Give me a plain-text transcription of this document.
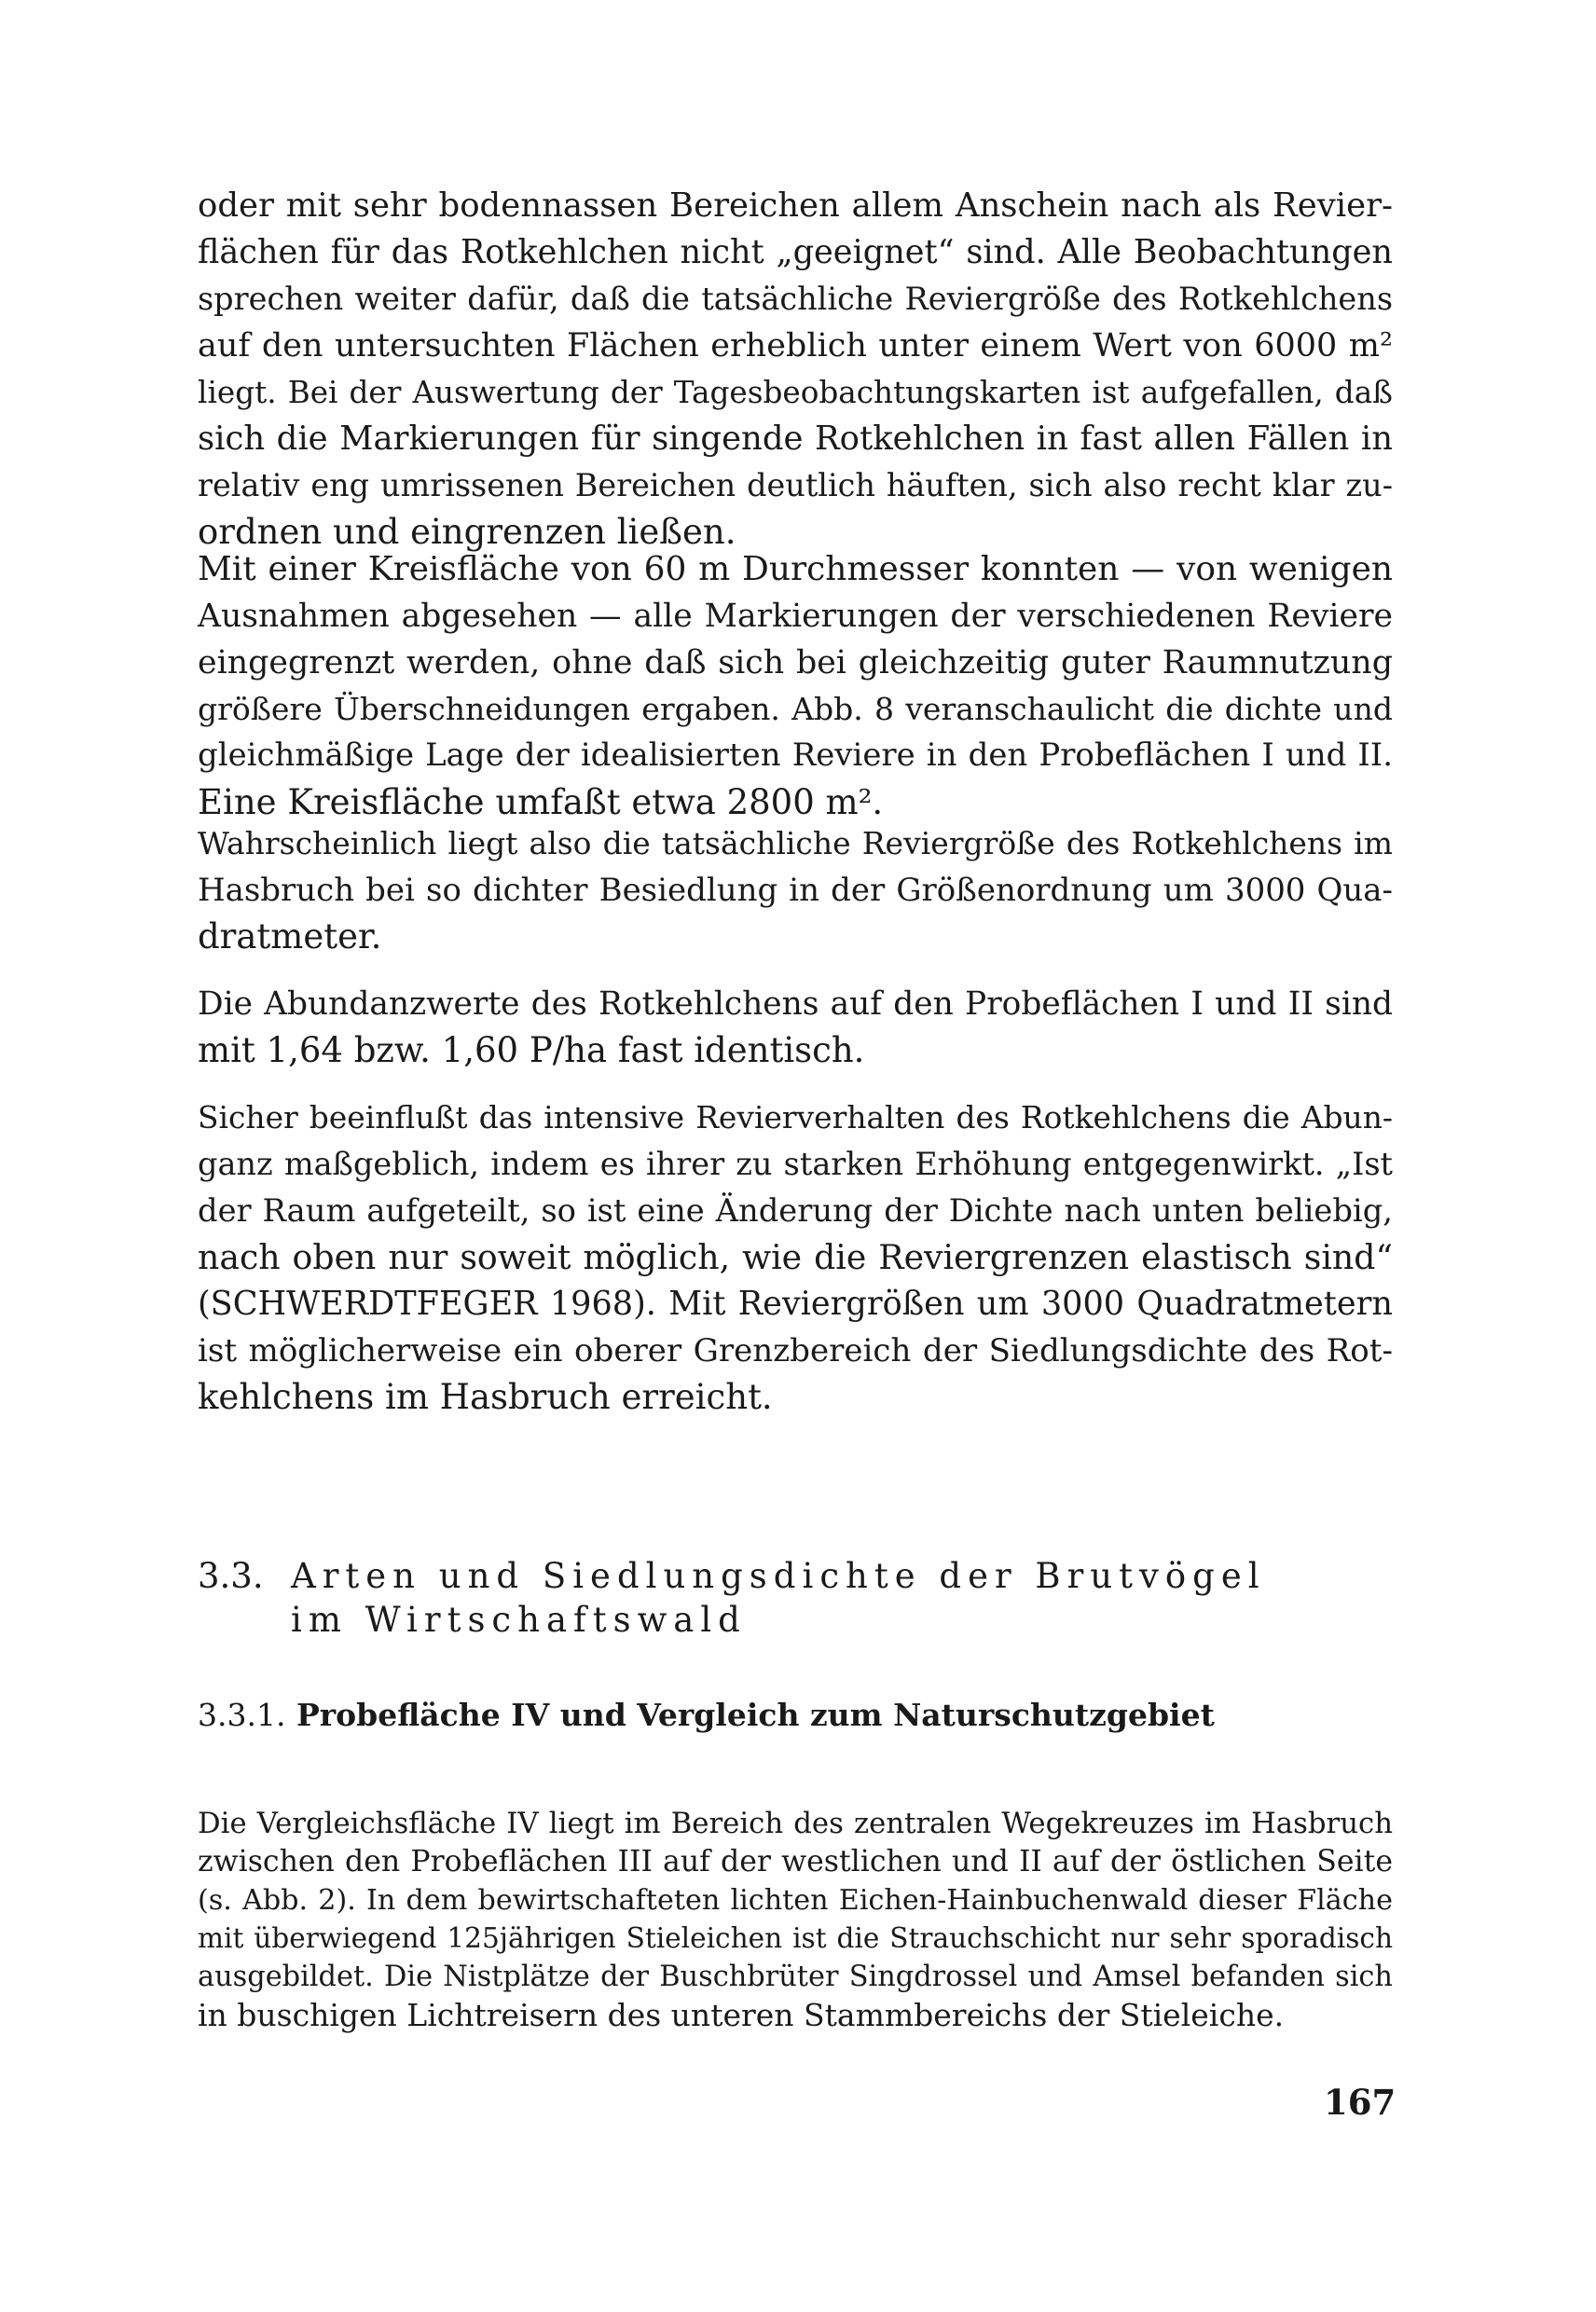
oder mit sehr bodennassen Bereichen allem Anschein nach als Revier-
flächen für das Rotkehlchen nicht „geeignet“ sind. Alle Beobachtungen
sprechen weiter dafür, daß die tatsächliche Reviergröße des Rotkehlchens
auf den untersuchten Flächen erheblich unter einem Wert von 6000 m²
liegt. Bei der Auswertung der Tagesbeobachtungskarten ist aufgefallen, daß
sich die Markierungen für singende Rotkehlchen in fast allen Fällen in
relativ eng umrissenen Bereichen deutlich häuften, sich also recht klar zu-
ordnen und eingrenzen ließen.
Mit einer Kreisfläche von 60 m Durchmesser konnten — von wenigen
Ausnahmen abgesehen — alle Markierungen der verschiedenen Reviere
eingegrenzt werden, ohne daß sich bei gleichzeitig guter Raumnutzung
größere Überschneidungen ergaben. Abb. 8 veranschaulicht die dichte und
gleichmäßige Lage der idealisierten Reviere in den Probeflächen I und II.
Eine Kreisfläche umfaßt etwa 2800 m².
Wahrscheinlich liegt also die tatsächliche Reviergröße des Rotkehlchens im
Hasbruch bei so dichter Besiedlung in der Größenordnung um 3000 Qua-
dratmeter.
Die Abundanzwerte des Rotkehlchens auf den Probeflächen I und II sind
mit 1,64 bzw. 1,60 P/ha fast identisch.
Sicher beeinflußt das intensive Revierverhalten des Rotkehlchens die Abun-
ganz maßgeblich, indem es ihrer zu starken Erhöhung entgegenwirkt. „Ist
der Raum aufgeteilt, so ist eine Änderung der Dichte nach unten beliebig,
nach oben nur soweit möglich, wie die Reviergrenzen elastisch sind“
(SCHWERDTFEGER 1968). Mit Reviergrößen um 3000 Quadratmetern
ist möglicherweise ein oberer Grenzbereich der Siedlungsdichte des Rot-
kehlchens im Hasbruch erreicht.
3.3. Arten und Siedlungsdichte der Brutvögel
im Wirtschaftswald
3.3.1. Probefläche IV und Vergleich zum Naturschutzgebiet
Die Vergleichsfläche IV liegt im Bereich des zentralen Wegekreuzes im Hasbruch
zwischen den Probeflächen III auf der westlichen und II auf der östlichen Seite
(s. Abb. 2). In dem bewirtschafteten lichten Eichen-Hainbuchenwald dieser Fläche
mit überwiegend 125jährigen Stieleichen ist die Strauchschicht nur sehr sporadisch
ausgebildet. Die Nistplätze der Buschbrüter Singdrossel und Amsel befanden sich
in buschigen Lichtreisern des unteren Stammbereichs der Stieleiche.
167
